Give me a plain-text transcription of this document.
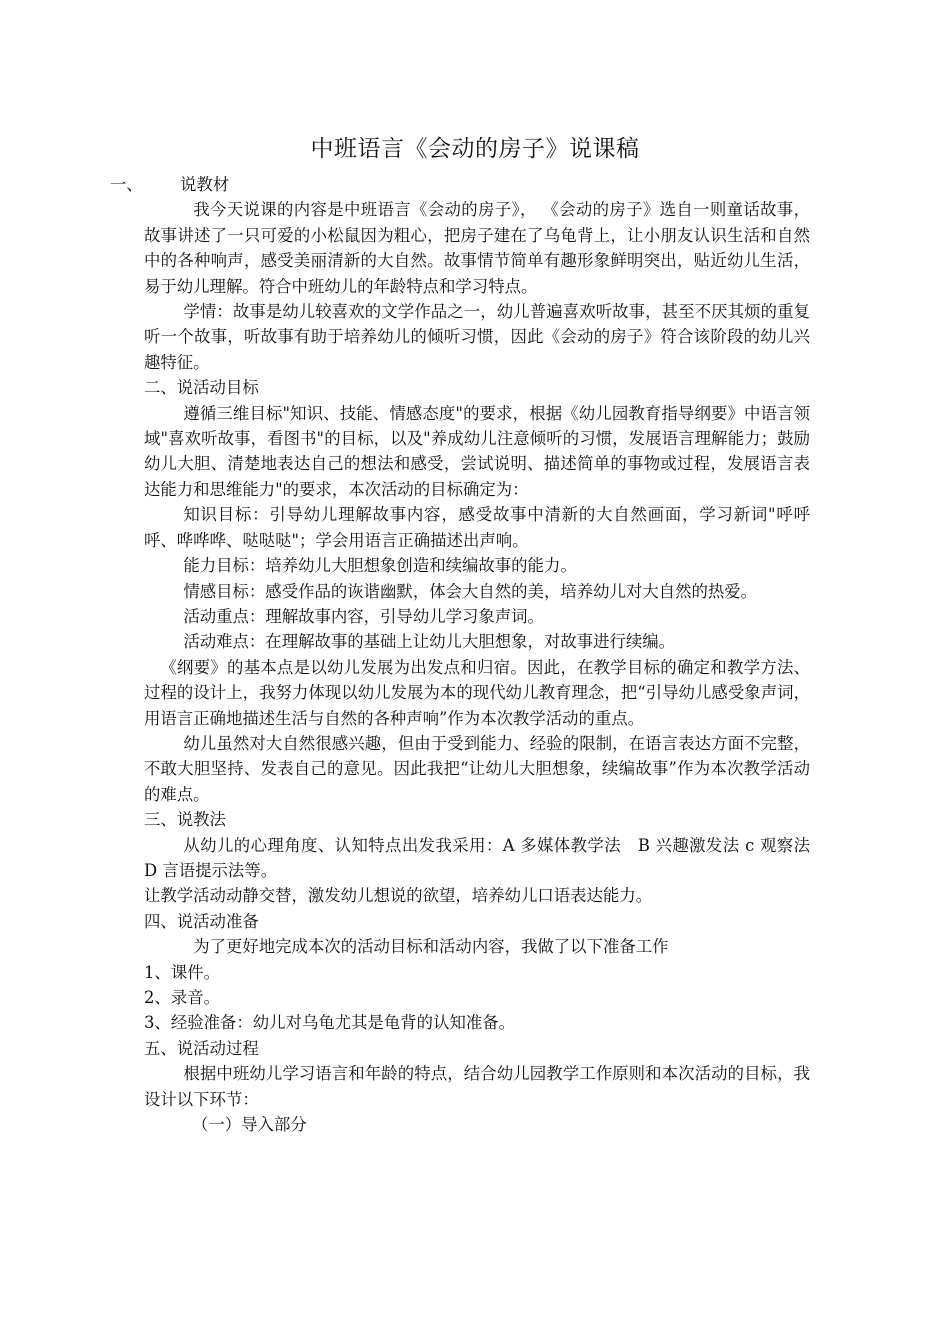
中班语言《会动的房子》说课稿

一、 说教材

我今天说课的内容是中班语言《会动的房子》， 《会动的房子》选自一则童话故事，故事讲述了一只可爱的小松鼠因为粗心，把房子建在了乌龟背上，让小朋友认识生活和自然中的各种响声，感受美丽清新的大自然。故事情节简单有趣形象鲜明突出，贴近幼儿生活，易于幼儿理解。符合中班幼儿的年龄特点和学习特点。

学情：故事是幼儿较喜欢的文学作品之一，幼儿普遍喜欢听故事，甚至不厌其烦的重复听一个故事，听故事有助于培养幼儿的倾听习惯，因此《会动的房子》符合该阶段的幼儿兴趣特征。

二、说活动目标

遵循三维目标"知识、技能、情感态度"的要求，根据《幼儿园教育指导纲要》中语言领域"喜欢听故事，看图书"的目标，以及"养成幼儿注意倾听的习惯，发展语言理解能力；鼓励幼儿大胆、清楚地表达自己的想法和感受，尝试说明、描述简单的事物或过程，发展语言表达能力和思维能力"的要求，本次活动的目标确定为：

知识目标：引导幼儿理解故事内容，感受故事中清新的大自然画面，学习新词"呼呼呼、哗哗哗、哒哒哒"；学会用语言正确描述出声响。

能力目标：培养幼儿大胆想象创造和续编故事的能力。

情感目标：感受作品的诙谐幽默，体会大自然的美，培养幼儿对大自然的热爱。

活动重点：理解故事内容，引导幼儿学习象声词。

活动难点：在理解故事的基础上让幼儿大胆想象，对故事进行续编。

《纲要》的基本点是以幼儿发展为出发点和归宿。因此，在教学目标的确定和教学方法、过程的设计上，我努力体现以幼儿发展为本的现代幼儿教育理念，把“引导幼儿感受象声词，用语言正确地描述生活与自然的各种声响”作为本次教学活动的重点。

幼儿虽然对大自然很感兴趣，但由于受到能力、经验的限制，在语言表达方面不完整，不敢大胆坚持、发表自己的意见。因此我把“让幼儿大胆想象，续编故事”作为本次教学活动的难点。

三、说教法

从幼儿的心理角度、认知特点出发我采用：A 多媒体教学法　B 兴趣激发法 c 观察法　　D 言语提示法等。

让教学活动动静交替，激发幼儿想说的欲望，培养幼儿口语表达能力。

四、说活动准备

为了更好地完成本次的活动目标和活动内容，我做了以下准备工作

1、课件。

2、录音。

3、经验准备：幼儿对乌龟尤其是龟背的认知准备。

五、说活动过程

根据中班幼儿学习语言和年龄的特点，结合幼儿园教学工作原则和本次活动的目标，我设计以下环节：

（一）导入部分
